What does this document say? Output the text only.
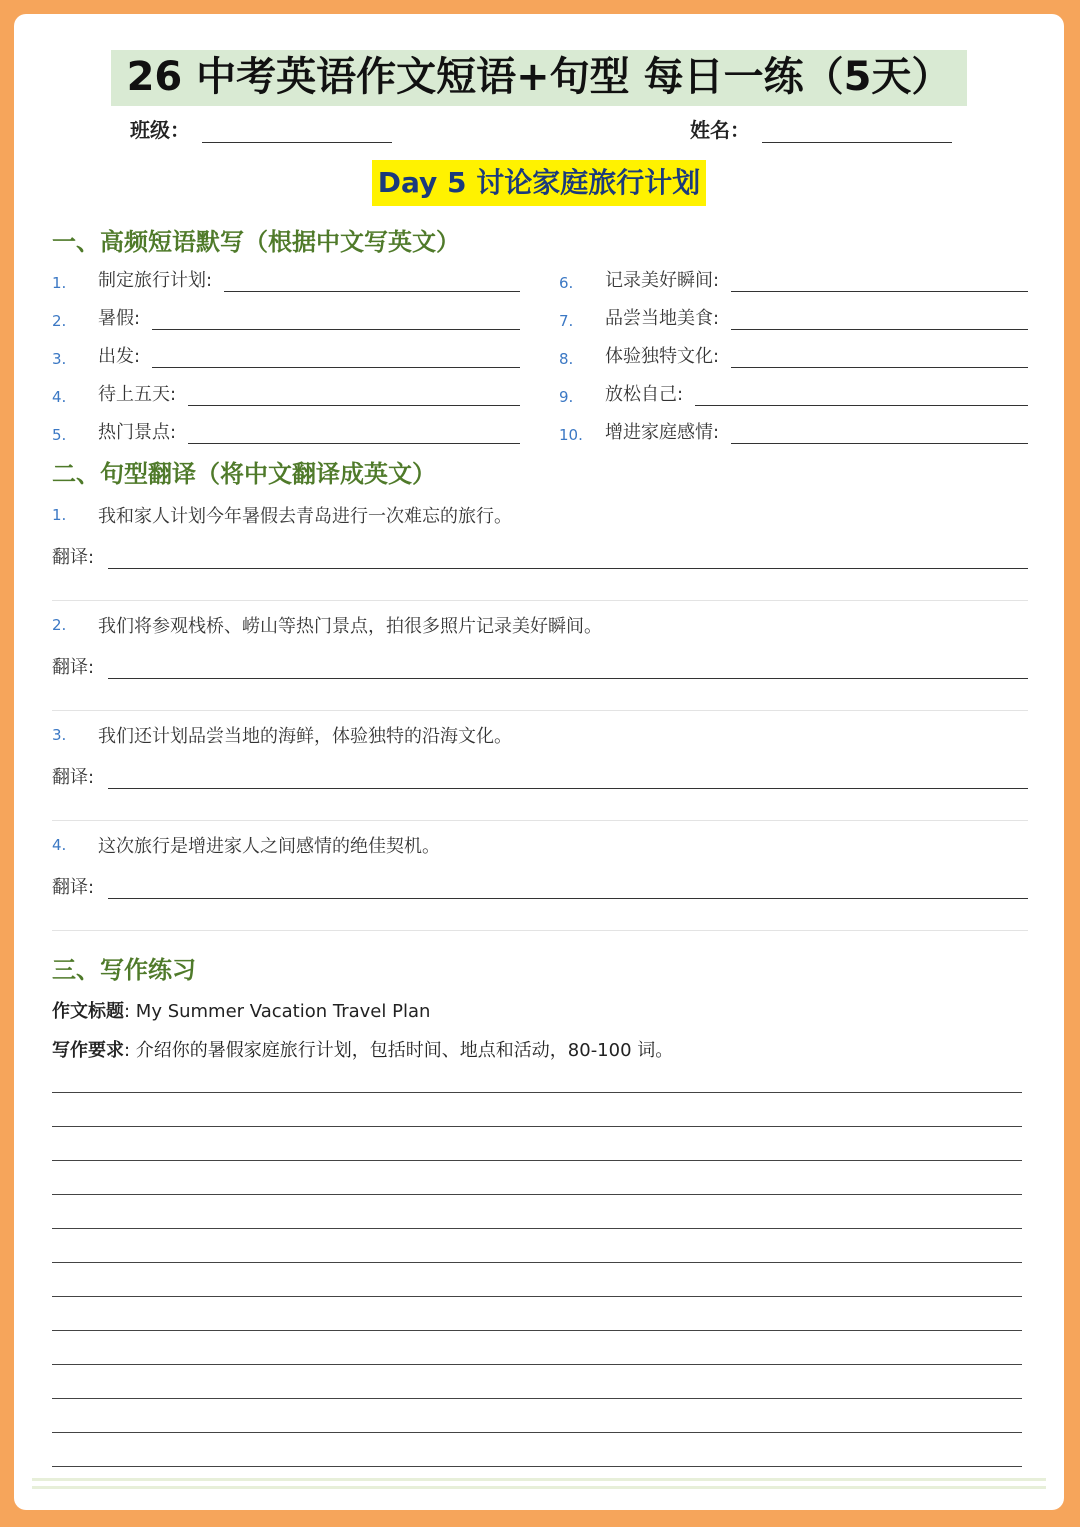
26 中考英语作文短语+句型 每日一练（5天）
班级：	姓名：
Day 5 讨论家庭旅行计划
一、高频短语默写（根据中文写英文）
1.	制定旅行计划:
2.	暑假:
3.	出发:
4.	待上五天:
5.	热门景点:
6.	记录美好瞬间:
7.	品尝当地美食:
8.	体验独特文化:
9.	放松自己:
10.	增进家庭感情:
二、句型翻译（将中文翻译成英文）
1.	我和家人计划今年暑假去青岛进行一次难忘的旅行。
翻译:
2.	我们将参观栈桥、崂山等热门景点，拍很多照片记录美好瞬间。
翻译:
3.	我们还计划品尝当地的海鲜，体验独特的沿海文化。
翻译:
4.	这次旅行是增进家人之间感情的绝佳契机。
翻译:
三、写作练习
作文标题: My Summer Vacation Travel Plan
写作要求: 介绍你的暑假家庭旅行计划，包括时间、地点和活动，80-100 词。
